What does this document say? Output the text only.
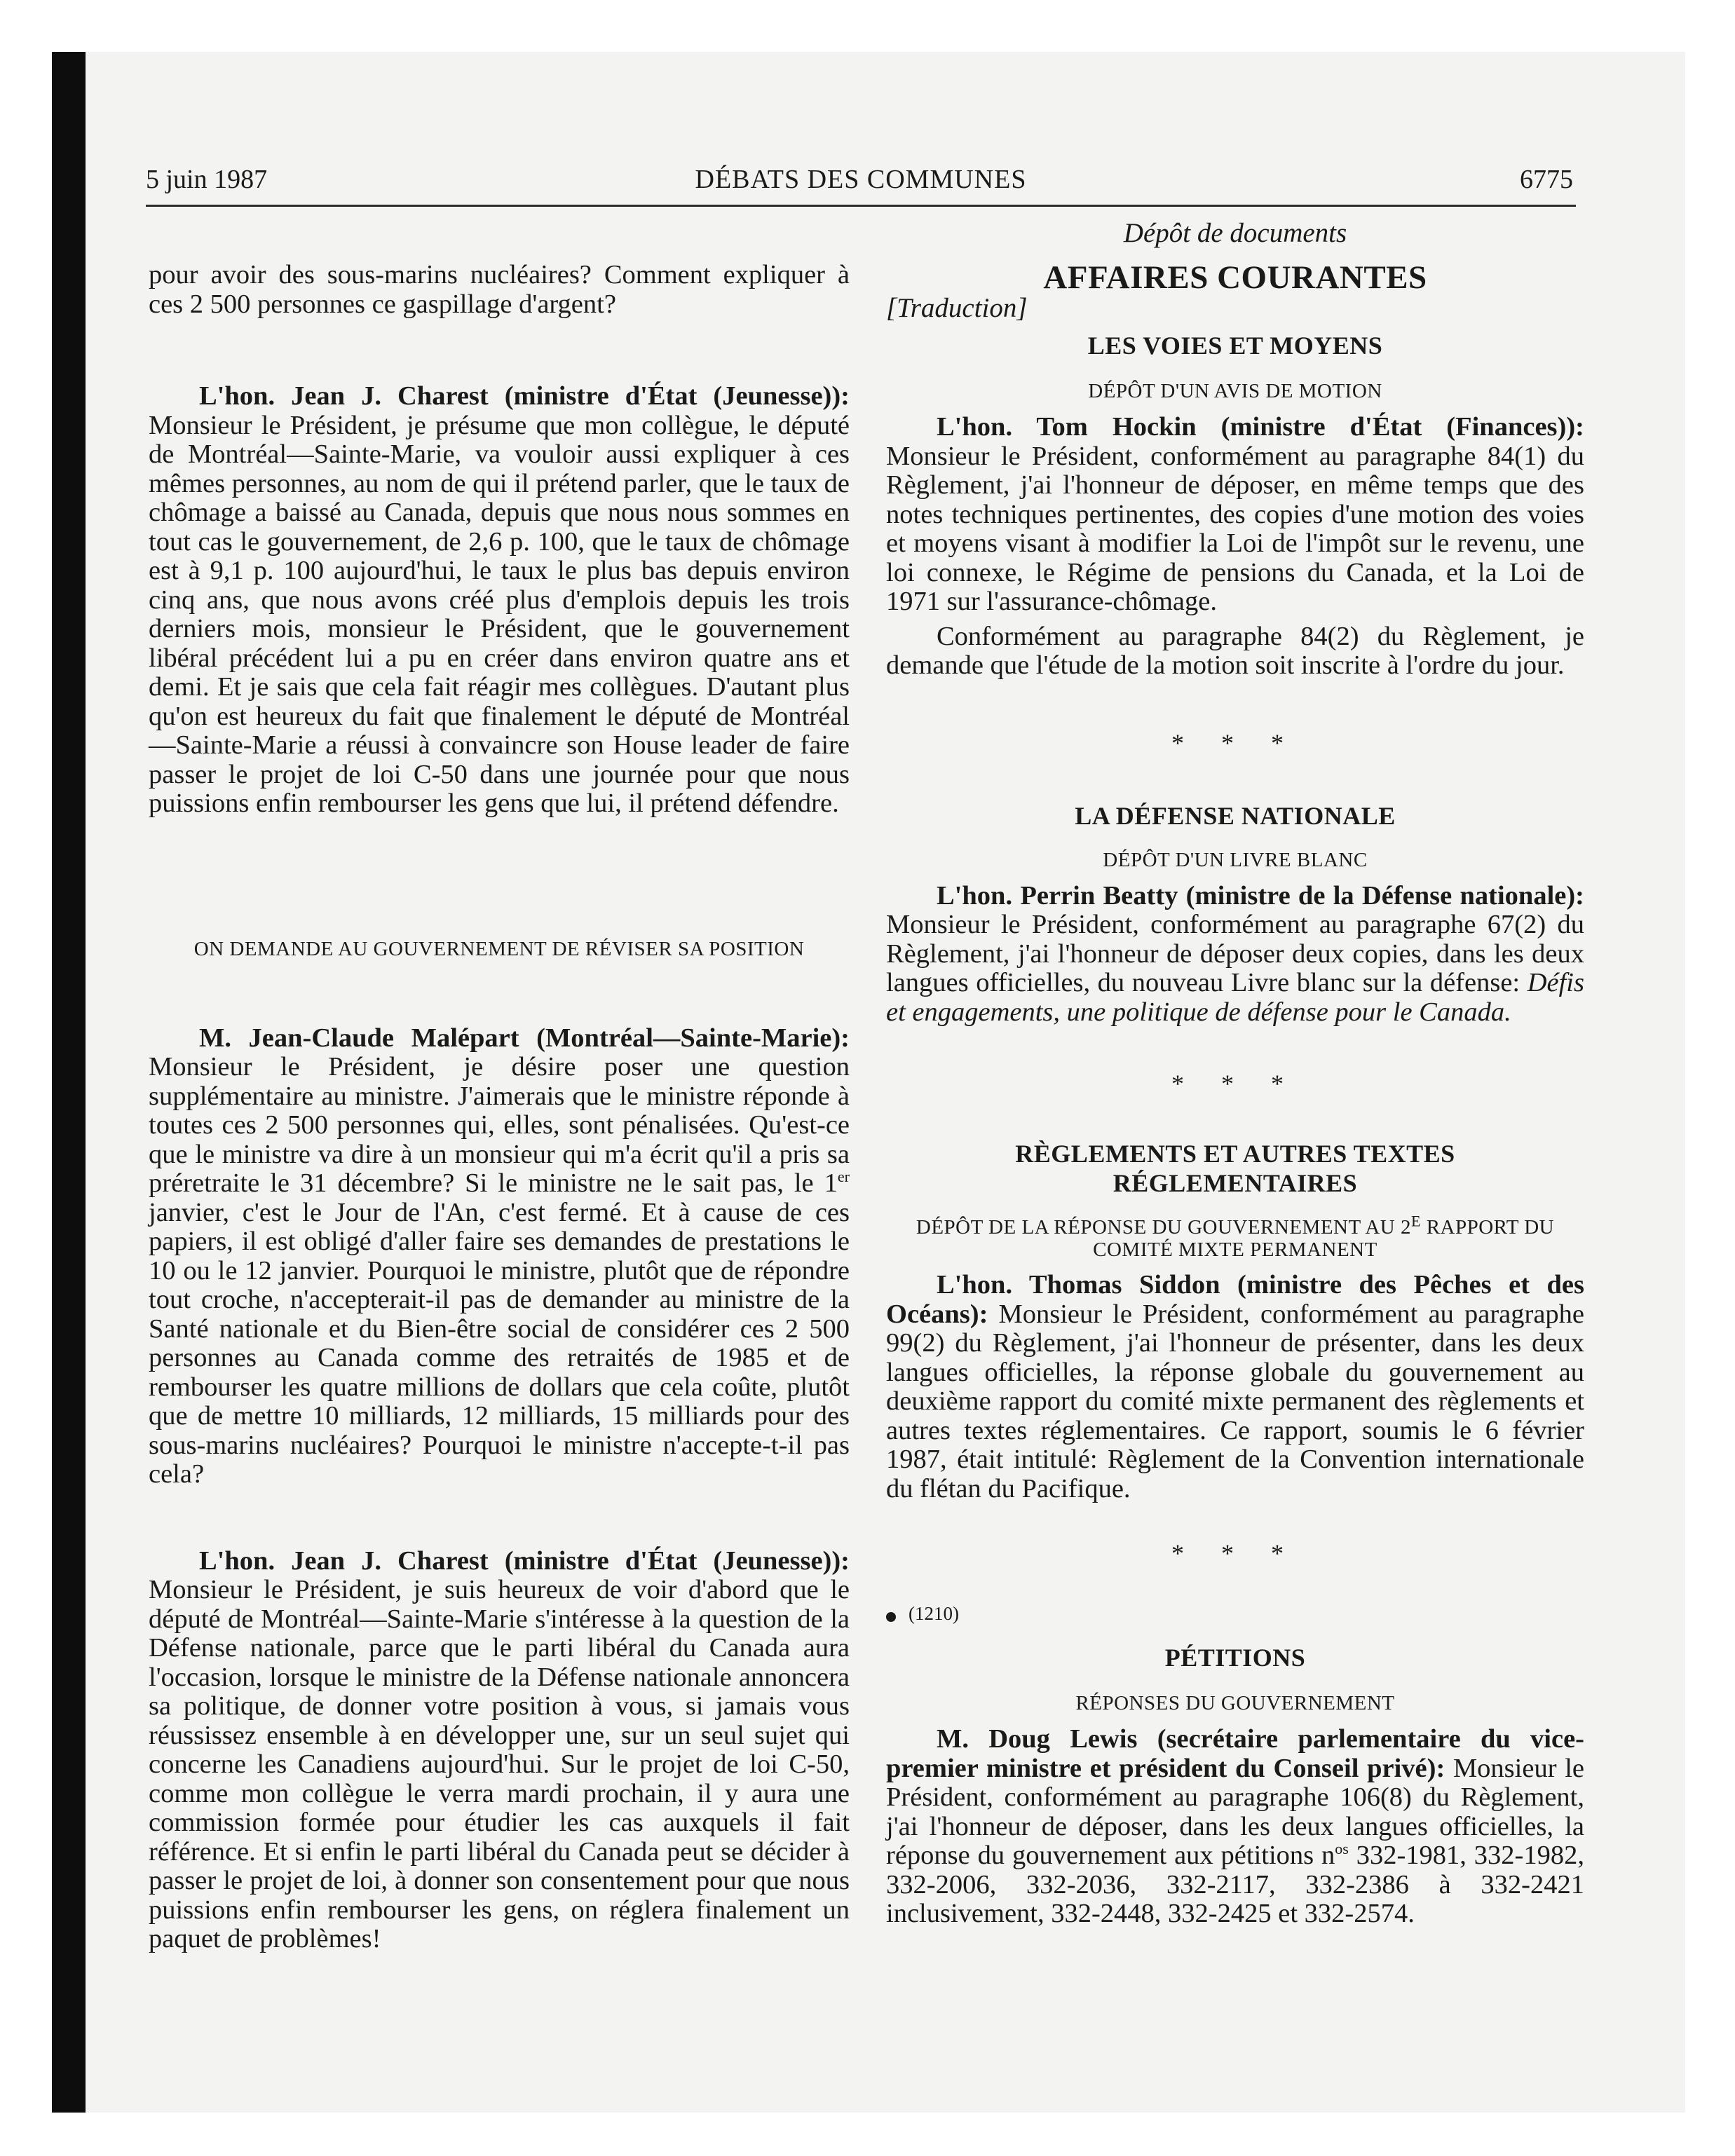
5 juin 1987	DÉBATS DES COMMUNES	6775

pour avoir des sous-marins nucléaires? Comment expliquer à ces 2 500 personnes ce gaspillage d'argent?

L'hon. Jean J. Charest (ministre d'État (Jeunesse)): Monsieur le Président, je présume que mon collègue, le député de Montréal—Sainte-Marie, va vouloir aussi expliquer à ces mêmes personnes, au nom de qui il prétend parler, que le taux de chômage a baissé au Canada, depuis que nous nous sommes en tout cas le gouvernement, de 2,6 p. 100, que le taux de chômage est à 9,1 p. 100 aujourd'hui, le taux le plus bas depuis environ cinq ans, que nous avons créé plus d'emplois depuis les trois derniers mois, monsieur le Président, que le gouvernement libéral précédent lui a pu en créer dans environ quatre ans et demi. Et je sais que cela fait réagir mes collègues. D'autant plus qu'on est heureux du fait que finalement le député de Montréal—Sainte-Marie a réussi à convaincre son House leader de faire passer le projet de loi C-50 dans une journée pour que nous puissions enfin rembourser les gens que lui, il prétend défendre.

ON DEMANDE AU GOUVERNEMENT DE RÉVISER SA POSITION

M. Jean-Claude Malépart (Montréal—Sainte-Marie): Monsieur le Président, je désire poser une question supplémentaire au ministre. J'aimerais que le ministre réponde à toutes ces 2 500 personnes qui, elles, sont pénalisées. Qu'est-ce que le ministre va dire à un monsieur qui m'a écrit qu'il a pris sa préretraite le 31 décembre? Si le ministre ne le sait pas, le 1er janvier, c'est le Jour de l'An, c'est fermé. Et à cause de ces papiers, il est obligé d'aller faire ses demandes de prestations le 10 ou le 12 janvier. Pourquoi le ministre, plutôt que de répondre tout croche, n'accepterait-il pas de demander au ministre de la Santé nationale et du Bien-être social de considérer ces 2 500 personnes au Canada comme des retraités de 1985 et de rembourser les quatre millions de dollars que cela coûte, plutôt que de mettre 10 milliards, 12 milliards, 15 milliards pour des sous-marins nucléaires? Pourquoi le ministre n'accepte-t-il pas cela?

L'hon. Jean J. Charest (ministre d'État (Jeunesse)): Monsieur le Président, je suis heureux de voir d'abord que le député de Montréal—Sainte-Marie s'intéresse à la question de la Défense nationale, parce que le parti libéral du Canada aura l'occasion, lorsque le ministre de la Défense nationale annoncera sa politique, de donner votre position à vous, si jamais vous réussissez ensemble à en développer une, sur un seul sujet qui concerne les Canadiens aujourd'hui. Sur le projet de loi C-50, comme mon collègue le verra mardi prochain, il y aura une commission formée pour étudier les cas auxquels il fait référence. Et si enfin le parti libéral du Canada peut se décider à passer le projet de loi, à donner son consentement pour que nous puissions enfin rembourser les gens, on réglera finalement un paquet de problèmes!

Dépôt de documents
AFFAIRES COURANTES
[Traduction]
LES VOIES ET MOYENS
DÉPÔT D'UN AVIS DE MOTION

L'hon. Tom Hockin (ministre d'État (Finances)): Monsieur le Président, conformément au paragraphe 84(1) du Règlement, j'ai l'honneur de déposer, en même temps que des notes techniques pertinentes, des copies d'une motion des voies et moyens visant à modifier la Loi de l'impôt sur le revenu, une loi connexe, le Régime de pensions du Canada, et la Loi de 1971 sur l'assurance-chômage.

Conformément au paragraphe 84(2) du Règlement, je demande que l'étude de la motion soit inscrite à l'ordre du jour.

* * *
LA DÉFENSE NATIONALE
DÉPÔT D'UN LIVRE BLANC

L'hon. Perrin Beatty (ministre de la Défense nationale): Monsieur le Président, conformément au paragraphe 67(2) du Règlement, j'ai l'honneur de déposer deux copies, dans les deux langues officielles, du nouveau Livre blanc sur la défense: Défis et engagements, une politique de défense pour le Canada.

* * *
RÈGLEMENTS ET AUTRES TEXTES
RÉGLEMENTAIRES
DÉPÔT DE LA RÉPONSE DU GOUVERNEMENT AU $2^E$ RAPPORT DU COMITÉ MIXTE PERMANENT

L'hon. Thomas Siddon (ministre des Pêches et des Océans): Monsieur le Président, conformément au paragraphe 99(2) du Règlement, j'ai l'honneur de présenter, dans les deux langues officielles, la réponse globale du gouvernement au deuxième rapport du comité mixte permanent des règlements et autres textes réglementaires. Ce rapport, soumis le 6 février 1987, était intitulé: Règlement de la Convention internationale du flétan du Pacifique.

* * *
(1210)
PÉTITIONS
RÉPONSES DU GOUVERNEMENT

M. Doug Lewis (secrétaire parlementaire du vice-premier ministre et président du Conseil privé): Monsieur le Président, conformément au paragraphe 106(8) du Règlement, j'ai l'honneur de déposer, dans les deux langues officielles, la réponse du gouvernement aux pétitions $n^{os}$ 332-1981, 332-1982, 332-2006, 332-2036, 332-2117, 332-2386 à 332-2421 inclusivement, 332-2448, 332-2425 et 332-2574.
